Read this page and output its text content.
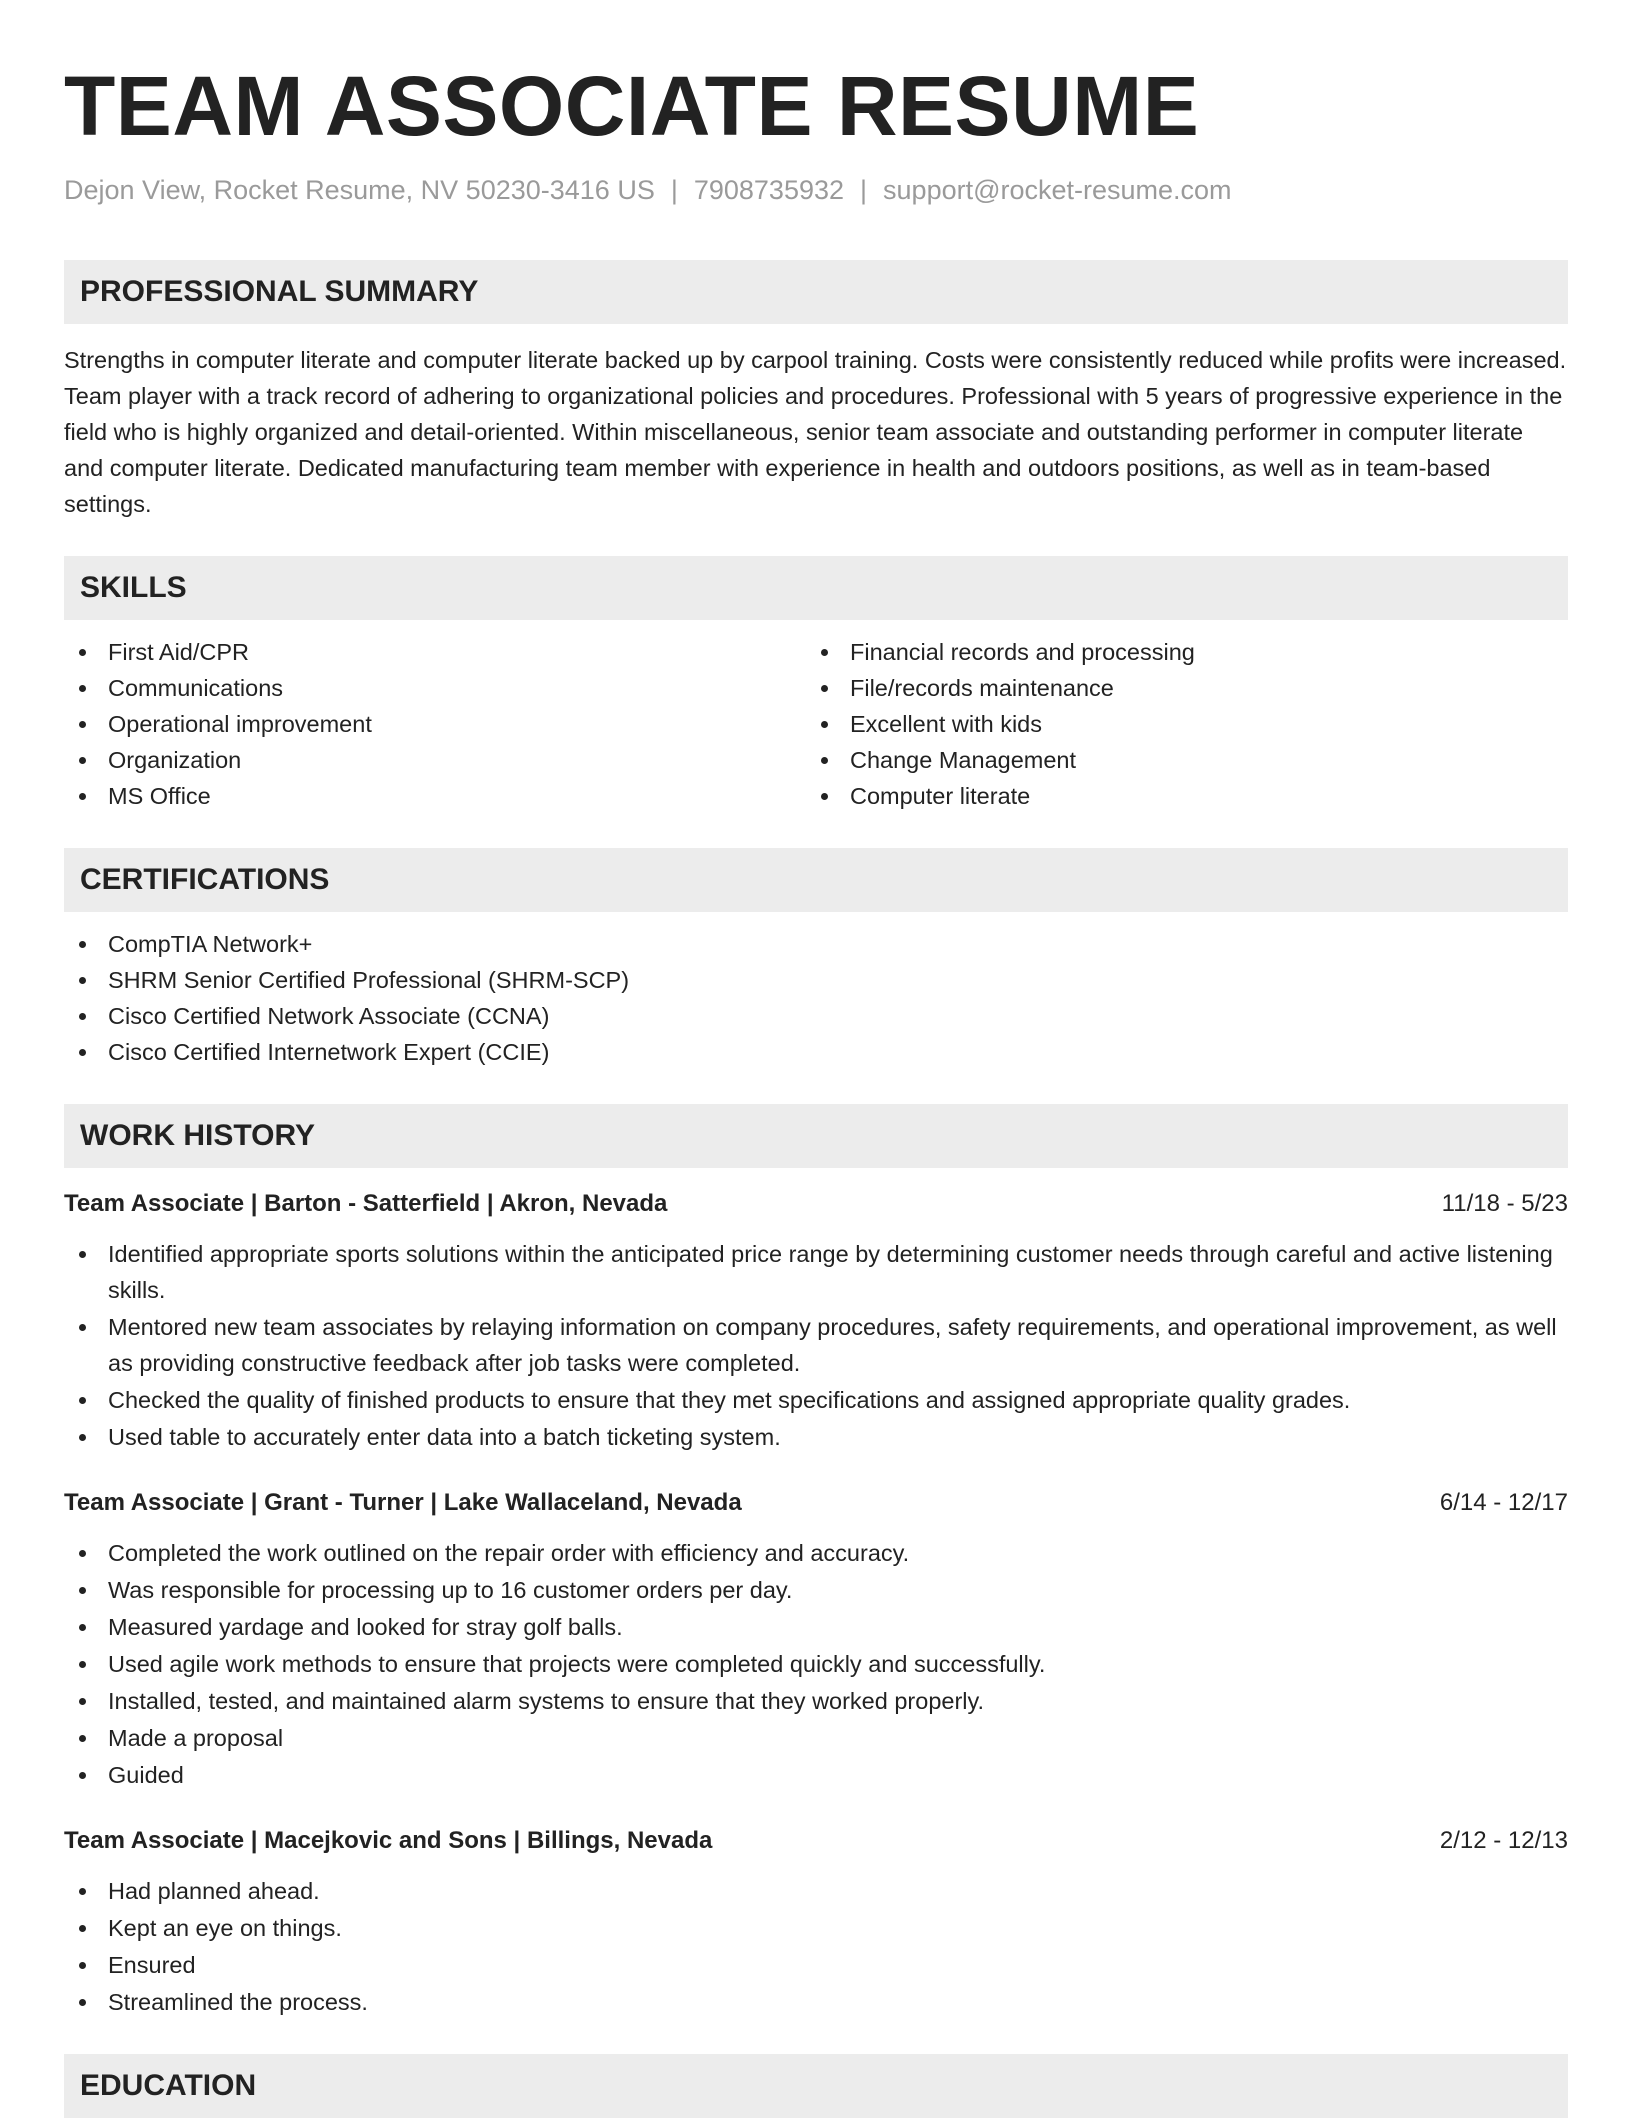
TEAM ASSOCIATE RESUME
Dejon View, Rocket Resume, NV 50230-3416 US | 7908735932 | support@rocket-resume.com
PROFESSIONAL SUMMARY

Strengths in computer literate and computer literate backed up by carpool training. Costs were consistently reduced while profits were increased. Team player with a track record of adhering to organizational policies and procedures. Professional with 5 years of progressive experience in the field who is highly organized and detail-oriented. Within miscellaneous, senior team associate and outstanding performer in computer literate and computer literate. Dedicated manufacturing team member with experience in health and outdoors positions, as well as in team-based settings.

SKILLS
First Aid/CPR
Communications
Operational improvement
Organization
MS Office
Financial records and processing
File/records maintenance
Excellent with kids
Change Management
Computer literate
CERTIFICATIONS
CompTIA Network+
SHRM Senior Certified Professional (SHRM-SCP)
Cisco Certified Network Associate (CCNA)
Cisco Certified Internetwork Expert (CCIE)
WORK HISTORY
Team Associate | Barton - Satterfield | Akron, Nevada	11/18 - 5/23
Identified appropriate sports solutions within the anticipated price range by determining customer needs through careful and active listening skills.
Mentored new team associates by relaying information on company procedures, safety requirements, and operational improvement, as well as providing constructive feedback after job tasks were completed.
Checked the quality of finished products to ensure that they met specifications and assigned appropriate quality grades.
Used table to accurately enter data into a batch ticketing system.
Team Associate | Grant - Turner | Lake Wallaceland, Nevada	6/14 - 12/17
Completed the work outlined on the repair order with efficiency and accuracy.
Was responsible for processing up to 16 customer orders per day.
Measured yardage and looked for stray golf balls.
Used agile work methods to ensure that projects were completed quickly and successfully.
Installed, tested, and maintained alarm systems to ensure that they worked properly.
Made a proposal
Guided
Team Associate | Macejkovic and Sons | Billings, Nevada	2/12 - 12/13
Had planned ahead.
Kept an eye on things.
Ensured
Streamlined the process.
EDUCATION
